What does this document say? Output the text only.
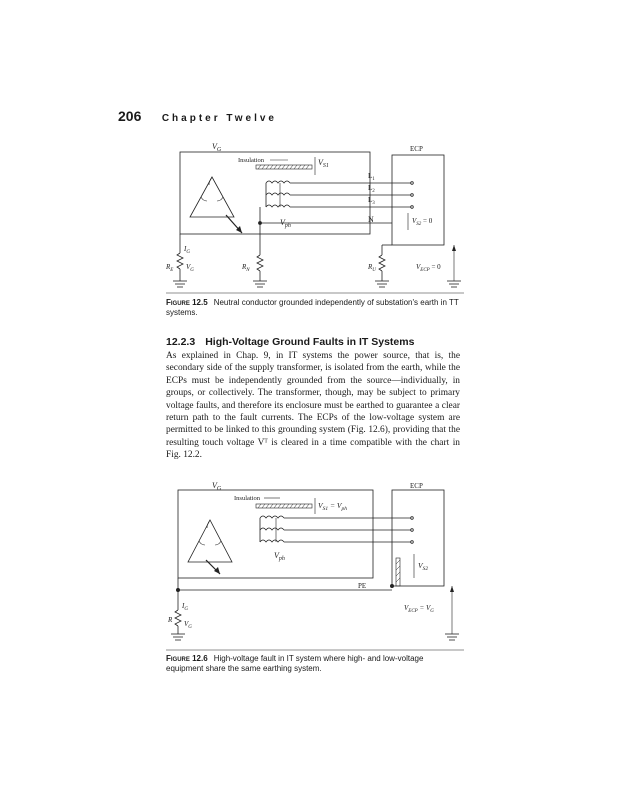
206 Chapter Twelve
$V_G$
Insulation	$V_{S1}$
$L_1$
$L_2$
$L_3$
$V_{ph}$
N
ECP
$V_{S2} = 0$
$I_G$
$R_E$ $V_G$	$R_N$	$R_U$	$V_{ECP} = 0$
Figure 12.5 Neutral conductor grounded independently of substation's earth in TT systems.
12.2.3 High-Voltage Ground Faults in IT Systems
As explained in Chap. 9, in IT systems the power source, that is, the secondary side of the supply transformer, is isolated from the earth, while the ECPs must be independently grounded from the source—individually, in groups, or collectively. The transformer, though, may be subject to primary voltage faults, and therefore its enclosure must be earthed to guarantee a clear return path to the fault currents. The ECPs of the low-voltage system are permitted to be linked to this grounding system (Fig. 12.6), providing that the resulting touch voltage Vᵀ is cleared in a time compatible with the chart in Fig. 12.2.
$V_G$
Insulation
$V_{S1} = V_{ph}$
$V_{ph}$
ECP
$V_{S2}$
PE
$I_G$
R $V_G$
$V_{ECP} = V_G$
Figure 12.6 High-voltage fault in IT system where high- and low-voltage equipment share the same earthing system.
